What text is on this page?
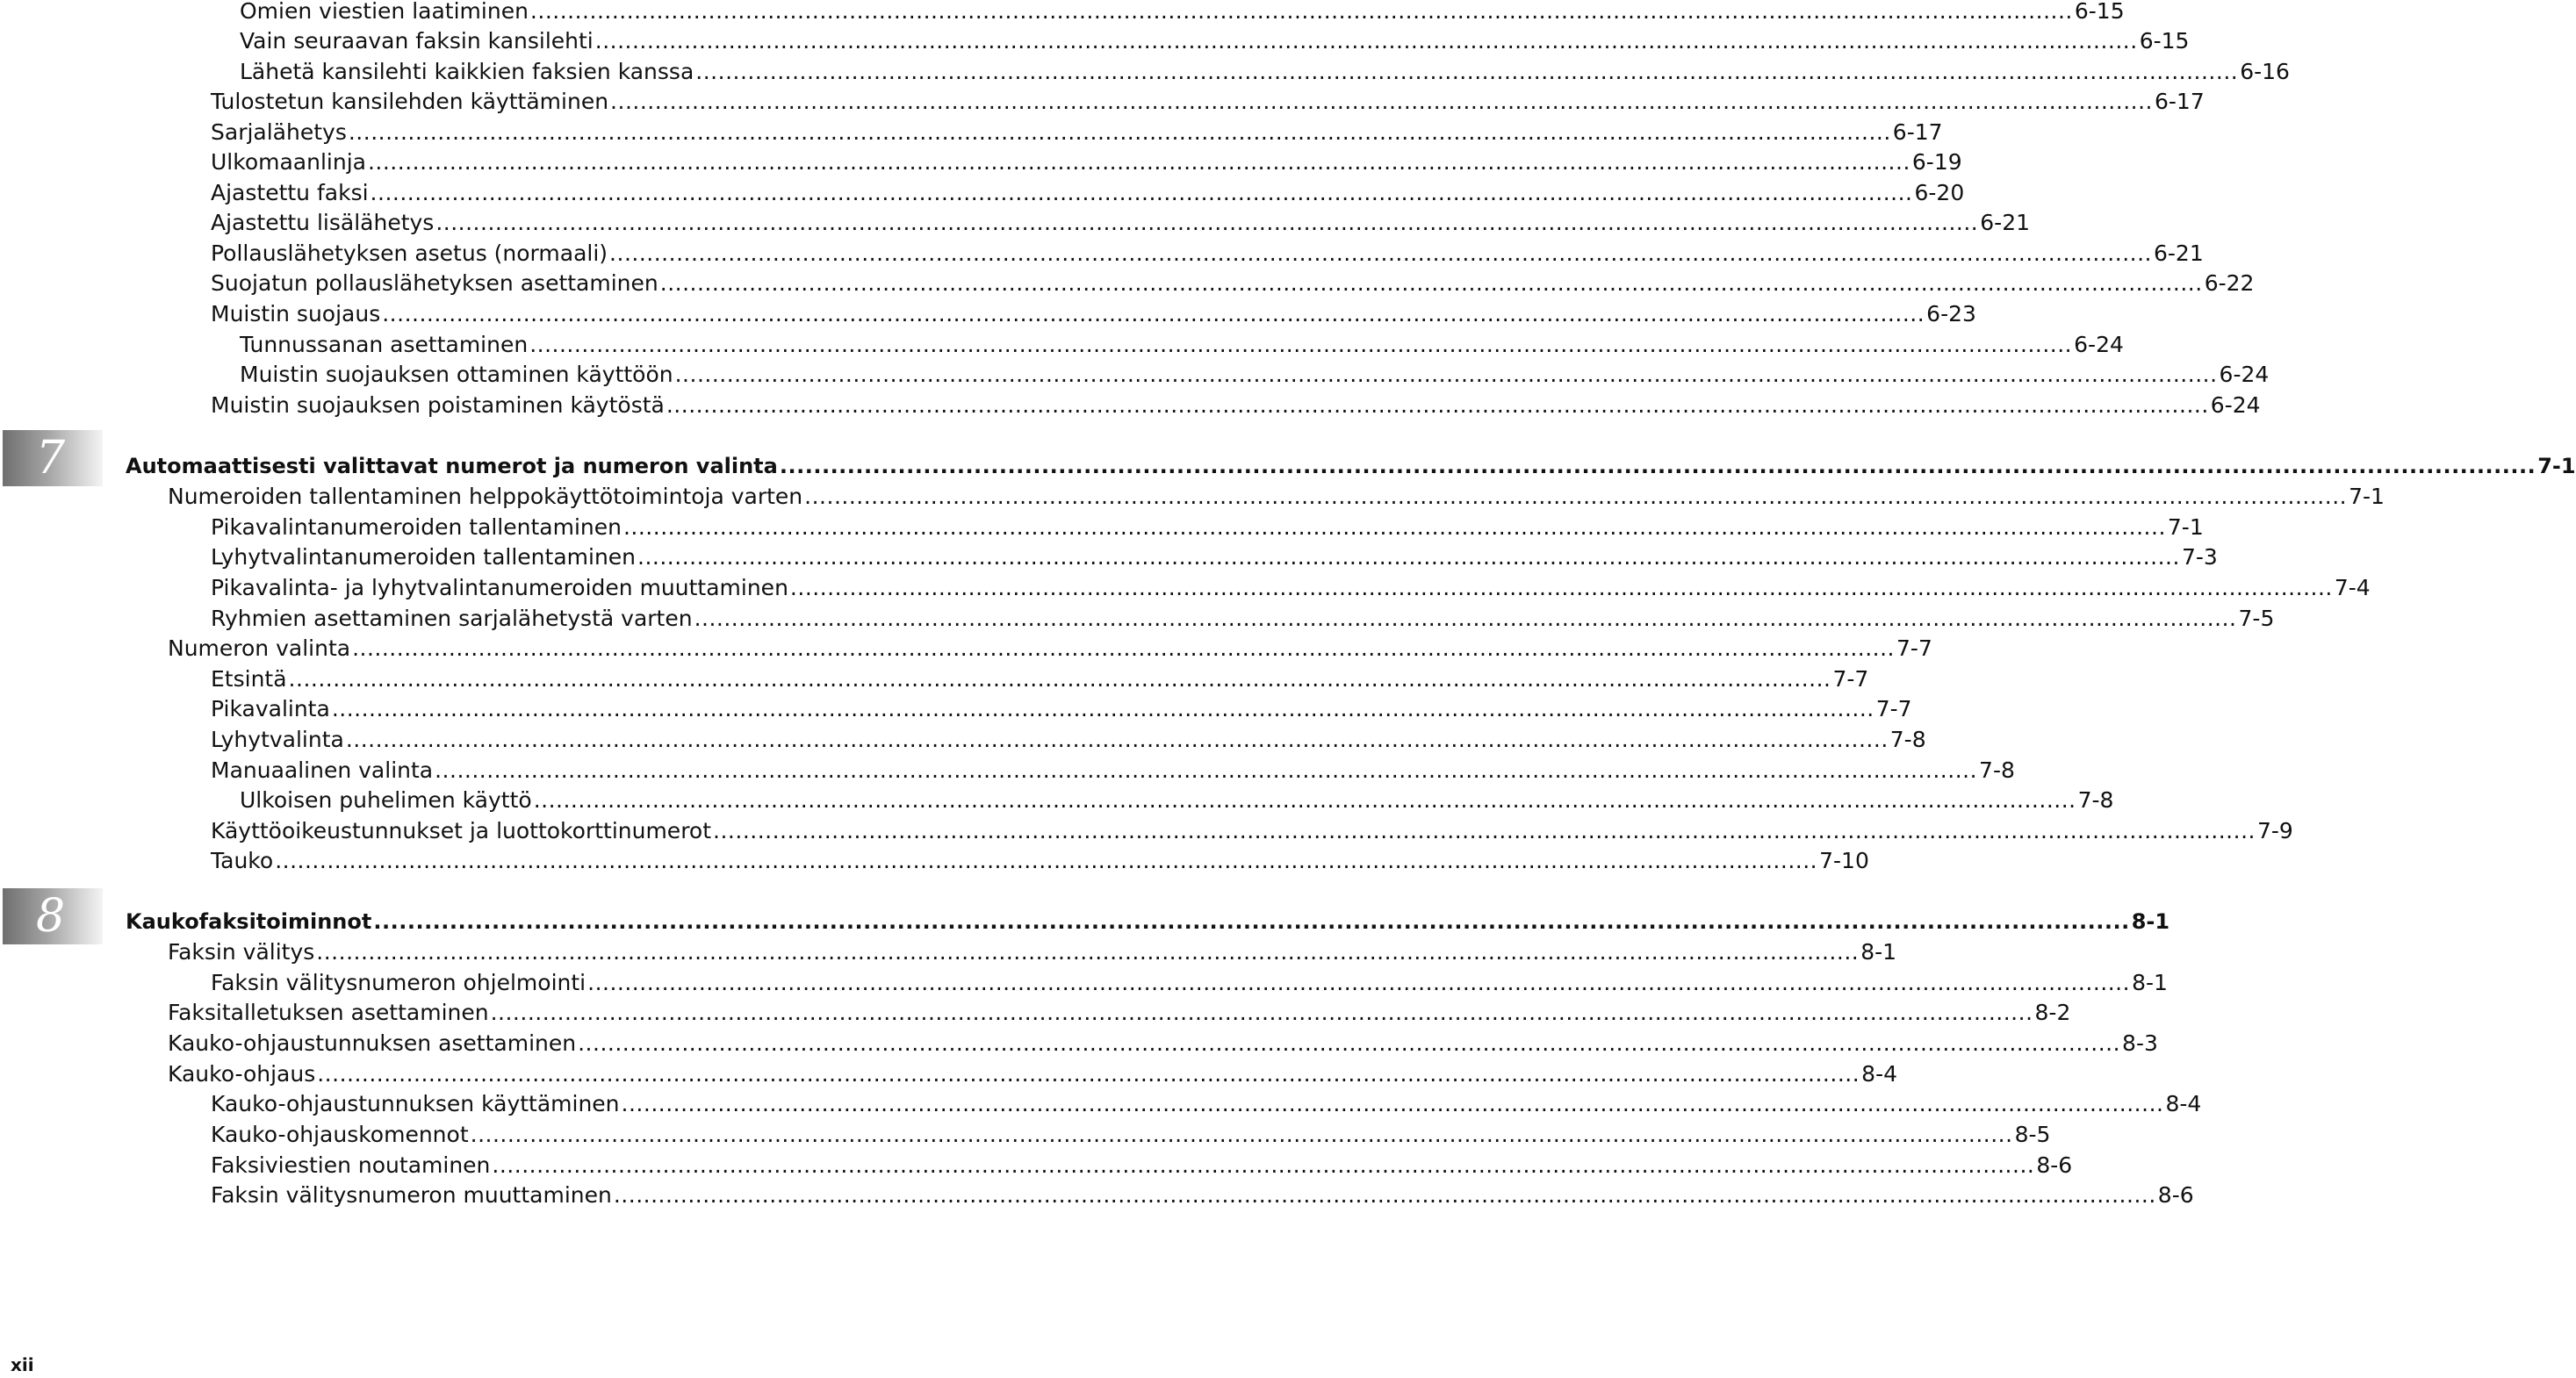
7
8
Omien viestien laatiminen .....	6-15
Vain seuraavan faksin kansilehti .....	6-15
Lähetä kansilehti kaikkien faksien kanssa .....	6-16
Tulostetun kansilehden käyttäminen .....	6-17
Sarjalähetys .....	6-17
Ulkomaanlinja .....	6-19
Ajastettu faksi .....	6-20
Ajastettu lisälähetys .....	6-21
Pollauslähetyksen asetus (normaali) .....	6-21
Suojatun pollauslähetyksen asettaminen .....	6-22
Muistin suojaus .....	6-23
Tunnussanan asettaminen .....	6-24
Muistin suojauksen ottaminen käyttöön .....	6-24
Muistin suojauksen poistaminen käytöstä .....	6-24
Automaattisesti valittavat numerot ja numeron valinta .....	7-1
Numeroiden tallentaminen helppokäyttötoimintoja varten .....	7-1
Pikavalintanumeroiden tallentaminen .....	7-1
Lyhytvalintanumeroiden tallentaminen .....	7-3
Pikavalinta- ja lyhytvalintanumeroiden muuttaminen .....	7-4
Ryhmien asettaminen sarjalähetystä varten .....	7-5
Numeron valinta .....	7-7
Etsintä .....	7-7
Pikavalinta .....	7-7
Lyhytvalinta .....	7-8
Manuaalinen valinta .....	7-8
Ulkoisen puhelimen käyttö .....	7-8
Käyttöoikeustunnukset ja luottokorttinumerot .....	7-9
Tauko .....	7-10
Kaukofaksitoiminnot .....	8-1
Faksin välitys .....	8-1
Faksin välitysnumeron ohjelmointi .....	8-1
Faksitalletuksen asettaminen .....	8-2
Kauko-ohjaustunnuksen asettaminen .....	8-3
Kauko-ohjaus .....	8-4
Kauko-ohjaustunnuksen käyttäminen .....	8-4
Kauko-ohjauskomennot .....	8-5
Faksiviestien noutaminen .....	8-6
Faksin välitysnumeron muuttaminen .....	8-6
xii
